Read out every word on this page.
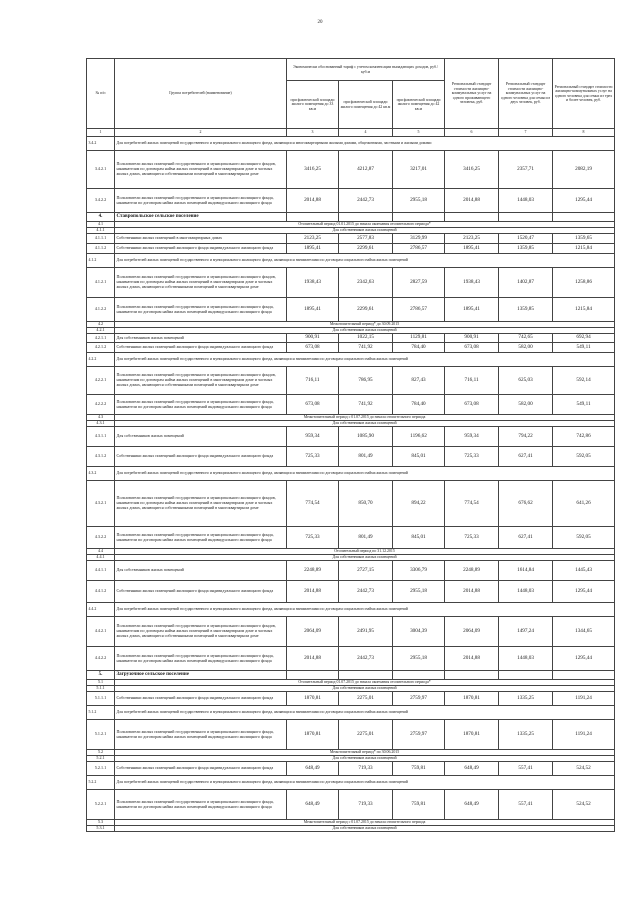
20
№ п/п	Группа потребителей (наименование)	Экономически обоснованный тариф с учетом компенсации выпадающих доходов, руб./куб.м			Региональный стандарт стоимости жилищно-коммунальных услуг на одного проживающего человека, руб.	Региональный стандарт стоимости жилищно-коммунальных услуг на одного человека для семьи из двух человек, руб.	Региональный стандарт стоимости жилищно-коммунальных услуг на одного человека для семьи из трех и более человек, руб.
		при фактической площади жилого помещения до 33 кв.м	при фактической площади жилого помещения до 42 кв.м	при фактической площади жилого помещения до 42 кв.м			
1	2	3	4	5	6	7	8
3.4.2	Для потребителей жилых помещений государственного и муниципального жилищного фонда, являющихся многоквартирными жилыми домами, общежитиями, частными и жилыми домами						
3.4.2.1	Пользователи жилых помещений государственного и муниципального жилищного фондов, нанимателям по договорам найма жилых помещений в многоквартирном доме и частных жилых домах, являющиеся собственниками помещений в многоквартирном доме	3416,25	4212,87	3217,01	3416,25	2357,71	2082,19
3.4.2.2	Пользователи жилых помещений государственного и муниципального жилищного фонда, наниматели по договорам найма жилых помещений индивидуального жилищного фонда	2014,88	2442,73	2955,18	2014,88	1448,03	1295,44
4.	Ставропольское сельское поселение						
4.1	Отопительный период 01.01.2015 до начала окончания отопительного периода*						
4.1.1	Для собственников жилых помещений						
4.1.1.1	Собственники жилых помещений в многоквартирных домах	2123,25	2577,83	3129,99	2123,25	1520,47	1359,65
4.1.1.2	Собственники жилых помещений жилищного фонда индивидуального жилищного фонда	1895,41	2299,61	2786,57	1895,41	1359,85	1215,84
4.1.2	Для потребителей жилых помещений государственного и муниципального жилищного фонда, являющихся нанимателями по договорам социального найма жилых помещений						
4.1.2.1	Пользователи жилых помещений государственного и муниципального жилищного фондов, нанимателям по договорам найма жилых помещений в многоквартирном доме и частных жилых домах, являющиеся собственниками помещений в многоквартирном доме	1938,43	2342,63	2827,59	1938,43	1402,87	1258,86
4.1.2.2	Пользователи жилых помещений государственного и муниципального жилищного фонда, наниматели по договорам найма жилых помещений индивидуального жилищного фонда	1895,41	2299,61	2786,57	1895,41	1359,85	1215,84
4.2	Межотопительный период* до 30.09.2015						
4.2.1	Для собственников жилых помещений						
4.2.1.1	Для собственников жилых помещений	900,91	1022,15	1129,81	900,91	742,65	692,94
4.2.1.2	Собственники жилых помещений жилищного фонда индивидуального жилищного фонда	673,08	741,92	784,40	673,08	582,00	549,11
4.2.2	Для потребителей жилых помещений государственного и муниципального жилищного фонда, являющихся нанимателями по договорам социального найма жилых помещений						
4.2.2.1	Пользователи жилых помещений государственного и муниципального жилищного фондов, нанимателям по договорам найма жилых помещений в многоквартирном доме и частных жилых домах, являющиеся собственниками помещений в многоквартирном доме	716,11	786,95	827,43	716,11	625,03	592,14
4.2.2.2	Пользователи жилых помещений государственного и муниципального жилищного фонда, наниматели по договорам найма жилых помещений индивидуального жилищного фонда	673,08	741,92	784,40	673,08	582,00	549,11
4.3	Межотопительный период с 01.07.2015 до начала отопительного периода						
4.3.1	Для собственников жилых помещений						
4.3.1.1	Для собственников жилых помещений	959,34	1085,90	1196,62	959,34	794,22	742,86
4.3.1.2	Собственники жилых помещений жилищного фонда индивидуального жилищного фонда	725,33	801,49	845,01	725,33	627,41	592,05
4.3.2	Для потребителей жилых помещений государственного и муниципального жилищного фонда, являющихся нанимателями по договорам социального найма жилых помещений						
4.3.2.1	Пользователи жилых помещений государственного и муниципального жилищного фондов, нанимателям по договорам найма жилых помещений в многоквартирном доме и частных жилых домах, являющиеся собственниками помещений в многоквартирном доме	774,54	850,70	894,22	774,54	676,62	641,26
4.3.2.2	Пользователи жилых помещений государственного и муниципального жилищного фонда, наниматели по договорам найма жилых помещений индивидуального жилищного фонда	725,33	801,49	845,01	725,33	627,41	592,05
4.4	Отопительный период по 31.12.2015						
4.4.1	Для собственников жилых помещений						
4.4.1.1	Для собственников жилых помещений	2248,89	2727,15	3306,79	2248,89	1614,84	1445,43
4.4.1.2	Собственники жилых помещений жилищного фонда индивидуального жилищного фонда	2014,88	2442,73	2955,18	2014,88	1448,03	1295,44
4.4.2	Для потребителей жилых помещений государственного и муниципального жилищного фонда, являющихся нанимателями по договорам социального найма жилых помещений						
4.4.2.1	Пользователи жилых помещений государственного и муниципального жилищного фондов, нанимателям по договорам найма жилых помещений в многоквартирном доме и частных жилых домах, являющиеся собственниками помещений в многоквартирном доме	2064,09	2491,95	3004,39	2064,09	1497,24	1344,65
4.4.2.2	Пользователи жилых помещений государственного и муниципального жилищного фонда, наниматели по договорам найма жилых помещений индивидуального жилищного фонда	2014,88	2442,73	2955,18	2014,88	1448,03	1295,44
5.	Загрузочное сельское поселение						
5.1	Отопительный период 01.07.2015 до начала окончания отопительного периода*						
5.1.1	Для собственников жилых помещений						
5.1.1.1	Собственники жилых помещений жилищного фонда индивидуального жилищного фонда	1870,81	2275,01	2759,97	1870,81	1335,25	1191,24
5.1.2	Для потребителей жилых помещений государственного и муниципального жилищного фонда, являющихся нанимателями по договорам социального найма жилых помещений						
5.1.2.1	Пользователи жилых помещений государственного и муниципального жилищного фонда, наниматели по договорам найма жилых помещений индивидуального жилищного фонда	1870,81	2275,01	2759,97	1870,81	1335,25	1191,24
5.2	Межотопительный период* по 30.06.2015						
5.2.1	Для собственников жилых помещений						
5.2.1.1	Собственники жилых помещений жилищного фонда индивидуального жилищного фонда	648,49	719,33	759,81	648,49	557,41	524,52
5.2.2	Для потребителей жилых помещений государственного и муниципального жилищного фонда, являющихся нанимателями по договорам социального найма жилых помещений						
5.2.2.1	Пользователи жилых помещений государственного и муниципального жилищного фонда, наниматели по договорам найма жилых помещений индивидуального жилищного фонда	648,49	719,33	759,81	648,49	557,41	524,52
5.3	Межотопительный период с 01.07.2015 до начала отопительного периода						
5.3.1	Для собственников жилых помещений						
